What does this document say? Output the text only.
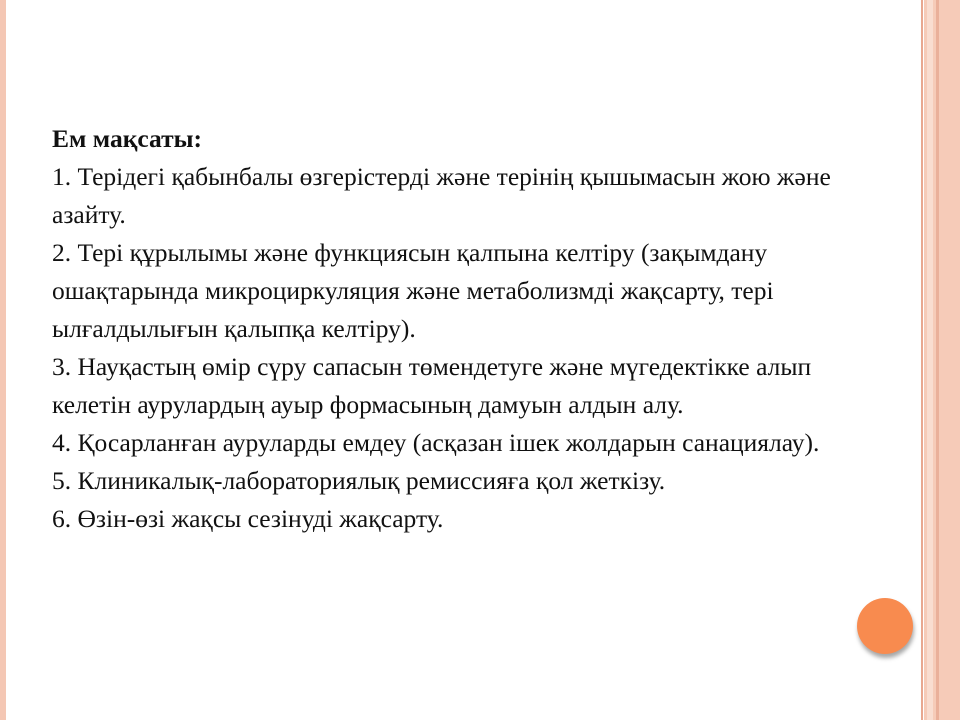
Ем мақсаты:

1. Терідегі қабынбалы өзгерістерді және терінің қышымасын жою және азайту.

2. Тері құрылымы және функциясын қалпына келтіру (зақымдану ошақтарында микроциркуляция және метаболизмді жақсарту, тері ылғалдылығын қалыпқа келтіру).

3. Науқастың өмір сүру сапасын төмендетуге және мүгедектікке алып келетін аурулардың ауыр формасының дамуын алдын алу.

4. Қосарланған ауруларды емдеу (асқазан ішек жолдарын санациялау).

5. Клиникалық-лабораториялық ремиссияға қол жеткізу.

6. Өзін-өзі жақсы сезінуді жақсарту.
